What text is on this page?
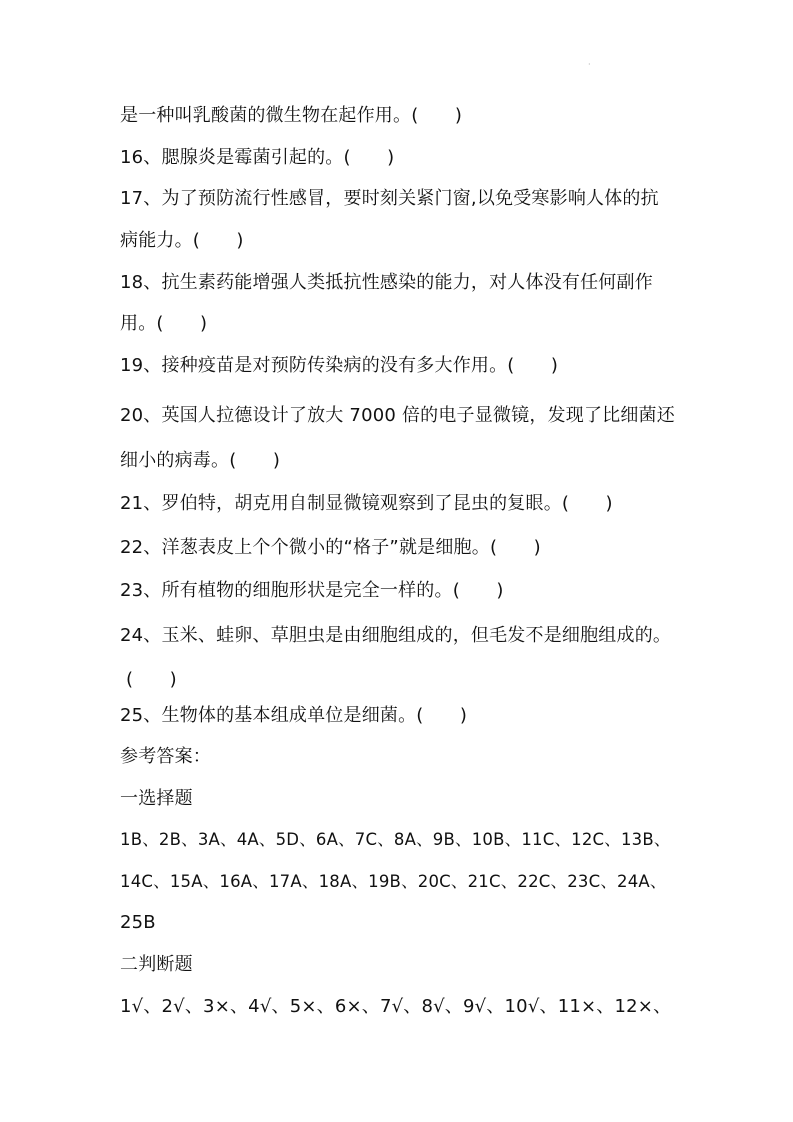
·
是一种叫乳酸菌的微生物在起作用。(　　)
16、腮腺炎是霉菌引起的。(　　)
17、为了预防流行性感冒，要时刻关紧门窗,以免受寒影响人体的抗
病能力。(　　)
18、抗生素药能增强人类抵抗性感染的能力，对人体没有任何副作
用。(　　)
19、接种疫苗是对预防传染病的没有多大作用。(　　)
20、英国人拉德设计了放大 7000 倍的电子显微镜，发现了比细菌还
细小的病毒。(　　)
21、罗伯特，胡克用自制显微镜观察到了昆虫的复眼。(　　)
22、洋葱表皮上个个微小的“格子”就是细胞。(　　)
23、所有植物的细胞形状是完全一样的。(　　)
24、玉米、蛙卵、草胆虫是由细胞组成的，但毛发不是细胞组成的。
(　　)
25、生物体的基本组成单位是细菌。(　　)
参考答案：
一选择题
1B、2B、3A、4A、5D、6A、7C、8A、9B、10B、11C、12C、13B、
14C、15A、16A、17A、18A、19B、20C、21C、22C、23C、24A、
25B
二判断题
1√、2√、3×、4√、5×、6×、7√、8√、9√、10√、11×、12×、
